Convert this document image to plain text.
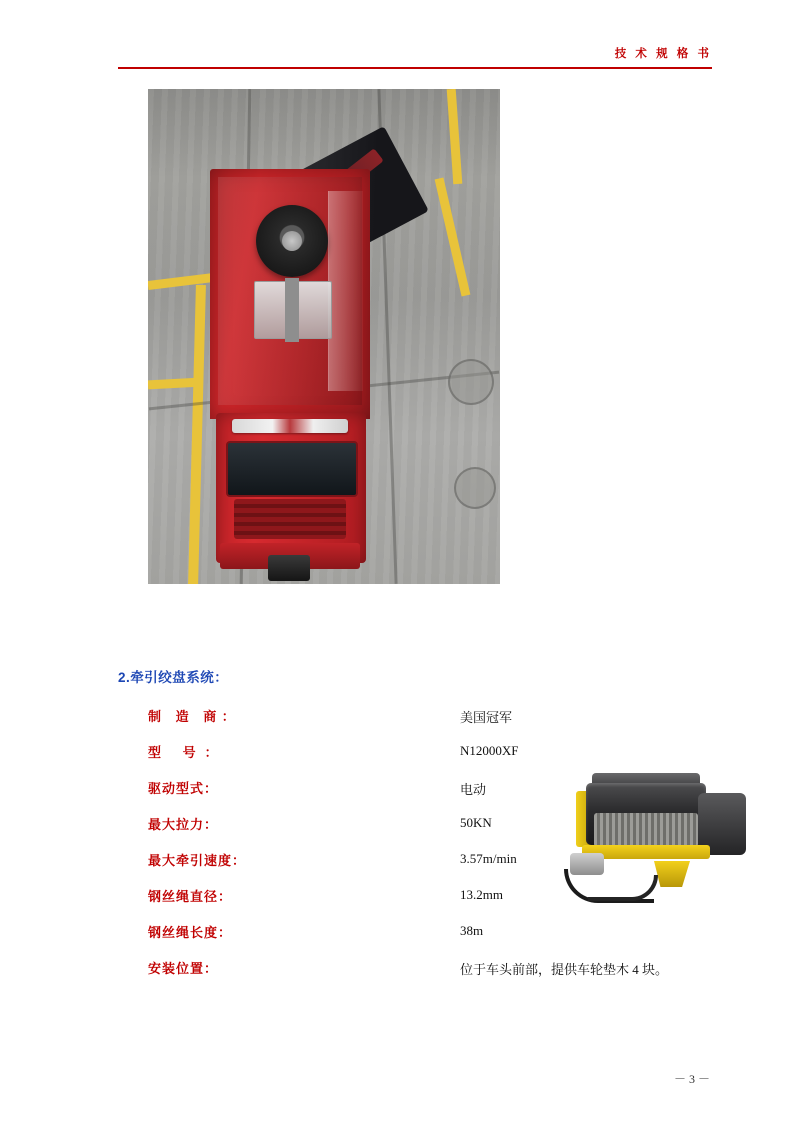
技 术 规 格 书
2.牵引绞盘系统：
制 造 商：	美国冠军
型 号：	N12000XF
驱动型式：	电动
最大拉力：	50KN
最大牵引速度：	3.57m/min
钢丝绳直径：	13.2mm
钢丝绳长度：	38m
安装位置：	位于车头前部，提供车轮垫木 4 块。
－ 3 －
